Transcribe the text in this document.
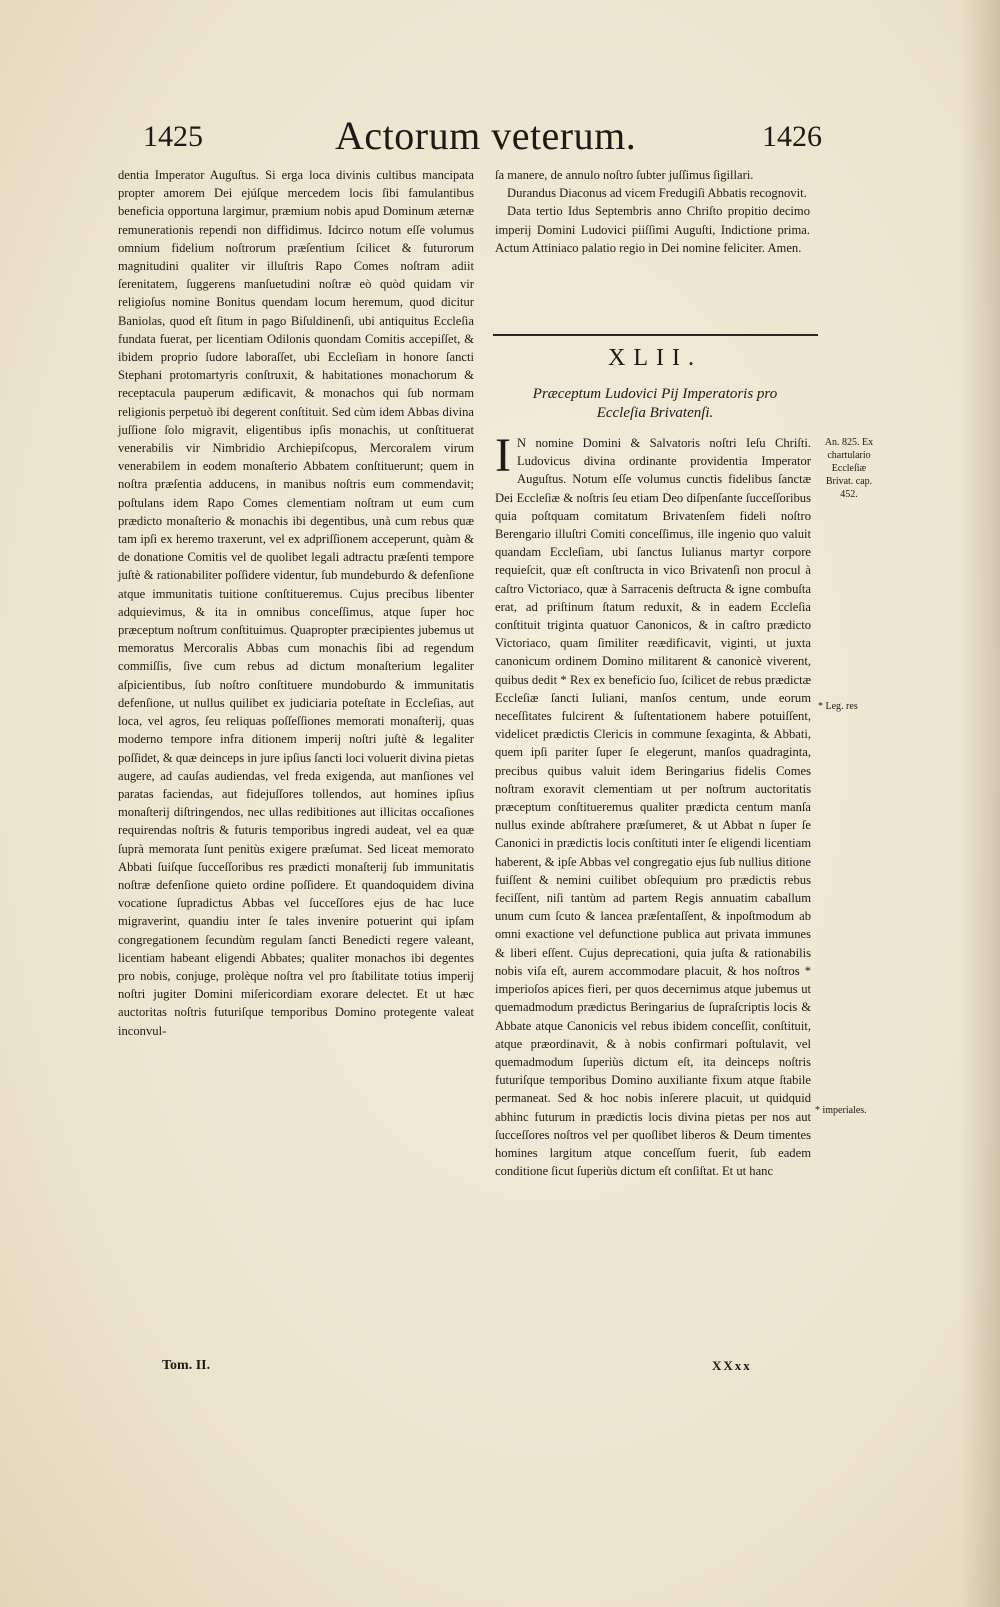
1425	Actorum veterum.	1426

dentia Imperator Auguſtus. Si erga loca divinis cultibus mancipata propter amorem Dei ejúſque mercedem locis ſibi famulantibus beneficia opportuna largimur, præmium nobis apud Dominum æternæ remunerationis rependi non diffidimus. Idcirco notum eſſe volumus omnium fidelium noſtrorum præſentium ſcilicet & futurorum magnitudini qualiter vir illuſtris Rapo Comes noſtram adiit ſerenitatem, ſuggerens manſuetudini noſtræ eò quòd quidam vir religioſus nomine Bonitus quendam locum heremum, quod dicitur Baniolas, quod eſt ſitum in pago Biſuldinenſi, ubi antiquitus Eccleſia fundata fuerat, per licentiam Odilonis quondam Comitis accepiſſet, & ibidem proprio ſudore laboraſſet, ubi Eccleſiam in honore ſancti Stephani protomartyris conſtruxit, & habitationes monachorum & receptacula pauperum ædificavit, & monachos qui ſub normam religionis perpetuò ibi degerent conſtituit. Sed cùm idem Abbas divina juſſione ſolo migravit, eligentibus ipſis monachis, ut conſtituerat venerabilis vir Nimbridio Archiepiſcopus, Mercoralem virum venerabilem in eodem monaſterio Abbatem conſtituerunt; quem in noſtra præſentia adducens, in manibus noſtris eum commendavit; poſtulans idem Rapo Comes clementiam noſtram ut eum cum prædicto monaſterio & monachis ibi degentibus, unà cum rebus quæ tam ipſi ex heremo traxerunt, vel ex adpriſſionem acceperunt, quàm & de donatione Comitis vel de quolibet legali adtractu præſenti tempore juſtè & rationabiliter poſſidere videntur, ſub mundeburdo & defenſione atque immunitatis tuitione conſtitueremus. Cujus precibus libenter adquievimus, & ita in omnibus conceſſimus, atque ſuper hoc præceptum noſtrum conſtituimus. Quapropter præcipientes jubemus ut memoratus Mercoralis Abbas cum monachis ſibi ad regendum commiſſis, ſive cum rebus ad dictum monaſterium legaliter aſpicientibus, ſub noſtro conſtituere mundoburdo & immunitatis defenſione, ut nullus quilibet ex judiciaria poteſtate in Eccleſias, aut loca, vel agros, ſeu reliquas poſſeſſiones memorati monaſterij, quas moderno tempore infra ditionem imperij noſtri juſtè & legaliter poſſidet, & quæ deinceps in jure ipſius ſancti loci voluerit divina pietas augere, ad cauſas audiendas, vel freda exigenda, aut manſiones vel paratas faciendas, aut fidejuſſores tollendos, aut homines ipſius monaſterij diſtringendos, nec ullas redibitiones aut illicitas occaſiones requirendas noſtris & futuris temporibus ingredi audeat, vel ea quæ ſuprà memorata ſunt penitùs exigere præſumat. Sed liceat memorato Abbati ſuiſque ſucceſſoribus res prædicti monaſterij ſub immunitatis noſtræ defenſione quieto ordine poſſidere. Et quandoquidem divina vocatione ſupradictus Abbas vel ſucceſſores ejus de hac luce migraverint, quandiu inter ſe tales invenire potuerint qui ipſam congregationem ſecundùm regulam ſancti Benedicti regere valeant, licentiam habeant eligendi Abbates; qualiter monachos ibi degentes pro nobis, conjuge, prolèque noſtra vel pro ſtabilitate totius imperij noſtri jugiter Domini miſericordiam exorare delectet. Et ut hæc auctoritas noſtris futuriſque temporibus Domino protegente valeat inconvul-

ſa manere, de annulo noſtro ſubter juſſimus ſigillari.

Durandus Diaconus ad vicem Fredugiſi Abbatis recognovit.

Data tertio Idus Septembris anno Chriſto propitio decimo imperij Domini Ludovici piiſſimi Auguſti, Indictione prima. Actum Attiniaco palatio regio in Dei nomine feliciter. Amen.

XLII.
Præceptum Ludovici Pij Imperatoris pro
Eccleſia Brivatenſi.
I N nomine Domini & Salvatoris noſtri Ieſu Chriſti. Ludovicus divina ordinante providentia Imperator Auguſtus. Notum eſſe volumus cunctis fidelibus ſanctæ Dei Eccleſiæ & noſtris ſeu etiam Deo diſpenſante ſucceſſoribus quia poſtquam comitatum Brivatenſem fideli noſtro Berengario illuſtri Comiti conceſſimus, ille ingenio quo valuit quandam Eccleſiam, ubi ſanctus Iulianus martyr corpore requieſcit, quæ eſt conſtructa in vico Brivatenſi non procul à caſtro Victoriaco, quæ à Sarracenis deſtructa & igne combuſta erat, ad priſtinum ſtatum reduxit, & in eadem Eccleſia conſtituit triginta quatuor Canonicos, & in caſtro prædicto Victoriaco, quam ſimiliter reædificavit, viginti, ut juxta canonicum ordinem Domino militarent & canonicè viverent, quibus dedit * Rex ex beneficio ſuo, ſcilicet de rebus prædictæ Eccleſiæ ſancti Iuliani, manſos centum, unde eorum neceſſitates fulcirent & ſuſtentationem habere potuiſſent, videlicet prædictis Clericis in commune ſexaginta, & Abbati, quem ipſi pariter ſuper ſe elegerunt, manſos quadraginta, precibus quibus valuit idem Beringarius fidelis Comes noſtram exoravit clementiam ut per noſtrum auctoritatis præceptum conſtitueremus qualiter prædicta centum manſa nullus exinde abſtrahere præſumeret, & ut Abbat n ſuper ſe Canonici in prædictis locis conſtituti inter ſe eligendi licentiam haberent, & ipſe Abbas vel congregatio ejus ſub nullius ditione fuiſſent & nemini cuilibet obſequium pro prædictis rebus feciſſent, niſi tantùm ad partem Regis annuatim caballum unum cum ſcuto & lancea præſentaſſent, & inpoſtmodum ab omni exactione vel defunctione publica aut privata immunes & liberi eſſent. Cujus deprecationi, quia juſta & rationabilis nobis viſa eſt, aurem accommodare placuit, & hos noſtros * imperioſos apices fieri, per quos decernimus atque jubemus ut quemadmodum prædictus Beringarius de ſupraſcriptis locis & Abbate atque Canonicis vel rebus ibidem conceſſit, conſtituit, atque præordinavit, & à nobis confirmari poſtulavit, vel quemadmodum ſuperiùs dictum eſt, ita deinceps noſtris futuriſque temporibus Domino auxiliante fixum atque ſtabile permaneat. Sed & hoc nobis inſerere placuit, ut quidquid abhinc futurum in prædictis locis divina pietas per nos aut ſucceſſores noſtros vel per quoſlibet liberos & Deum timentes homines largitum atque conceſſum fuerit, ſub eadem conditione ſicut ſuperiùs dictum eſt conſiſtat. Et ut hanc
An. 825. Ex chartulario Eccleſiæ Brivat. cap. 452.
* Leg. res
* imperiales.
Tom. II.	XXxx
